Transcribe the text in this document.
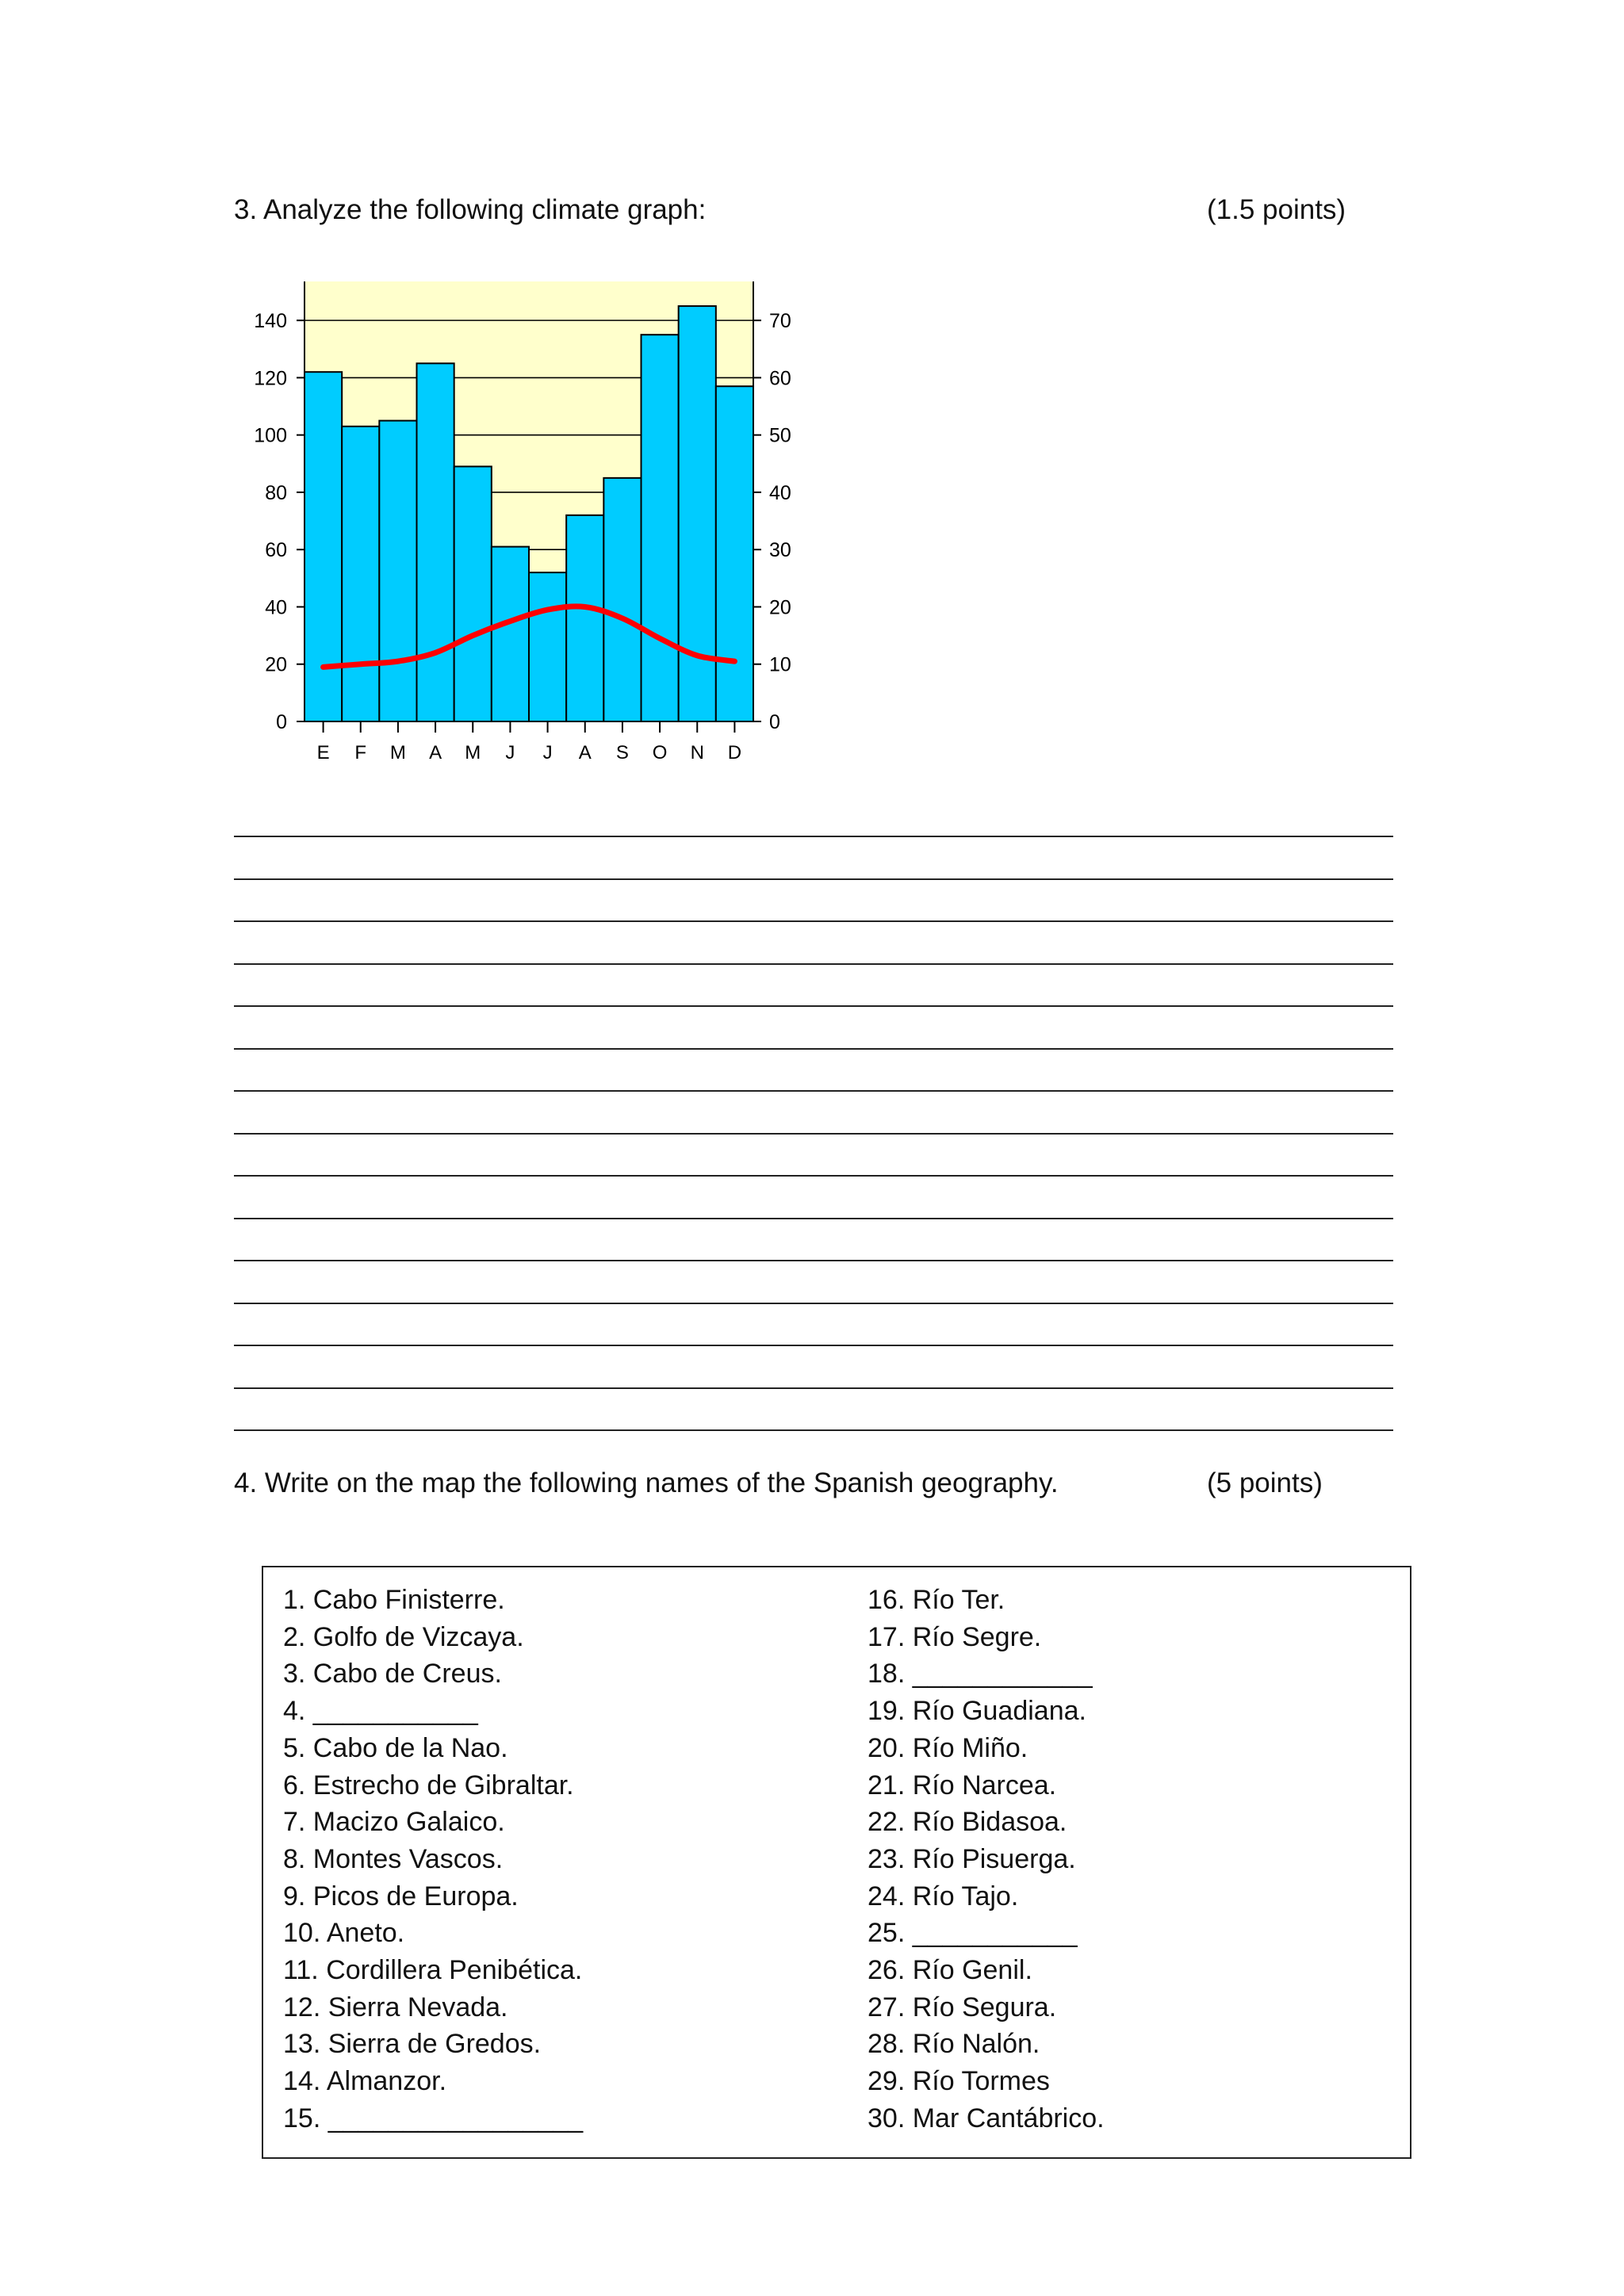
3. Analyze the following climate graph:	(1.5 points)
0
20
40
60
80
100
120
140
0
10
20
30
40
50
60
70
E F M A M J J A S O N D
4. Write on the map the following names of the Spanish geography.	(5 points)
1. Cabo Finisterre.
2. Golfo de Vizcaya.
3. Cabo de Creus.
4. ___________
5. Cabo de la Nao.
6. Estrecho de Gibraltar.
7. Macizo Galaico.
8. Montes Vascos.
9. Picos de Europa.
10. Aneto.
11. Cordillera Penibética.
12. Sierra Nevada.
13. Sierra de Gredos.
14. Almanzor.
15. _________________
16. Río Ter.
17. Río Segre.
18. ____________
19. Río Guadiana.
20. Río Miño.
21. Río Narcea.
22. Río Bidasoa.
23. Río Pisuerga.
24. Río Tajo.
25. ___________
26. Río Genil.
27. Río Segura.
28. Río Nalón.
29. Río Tormes
30. Mar Cantábrico.
